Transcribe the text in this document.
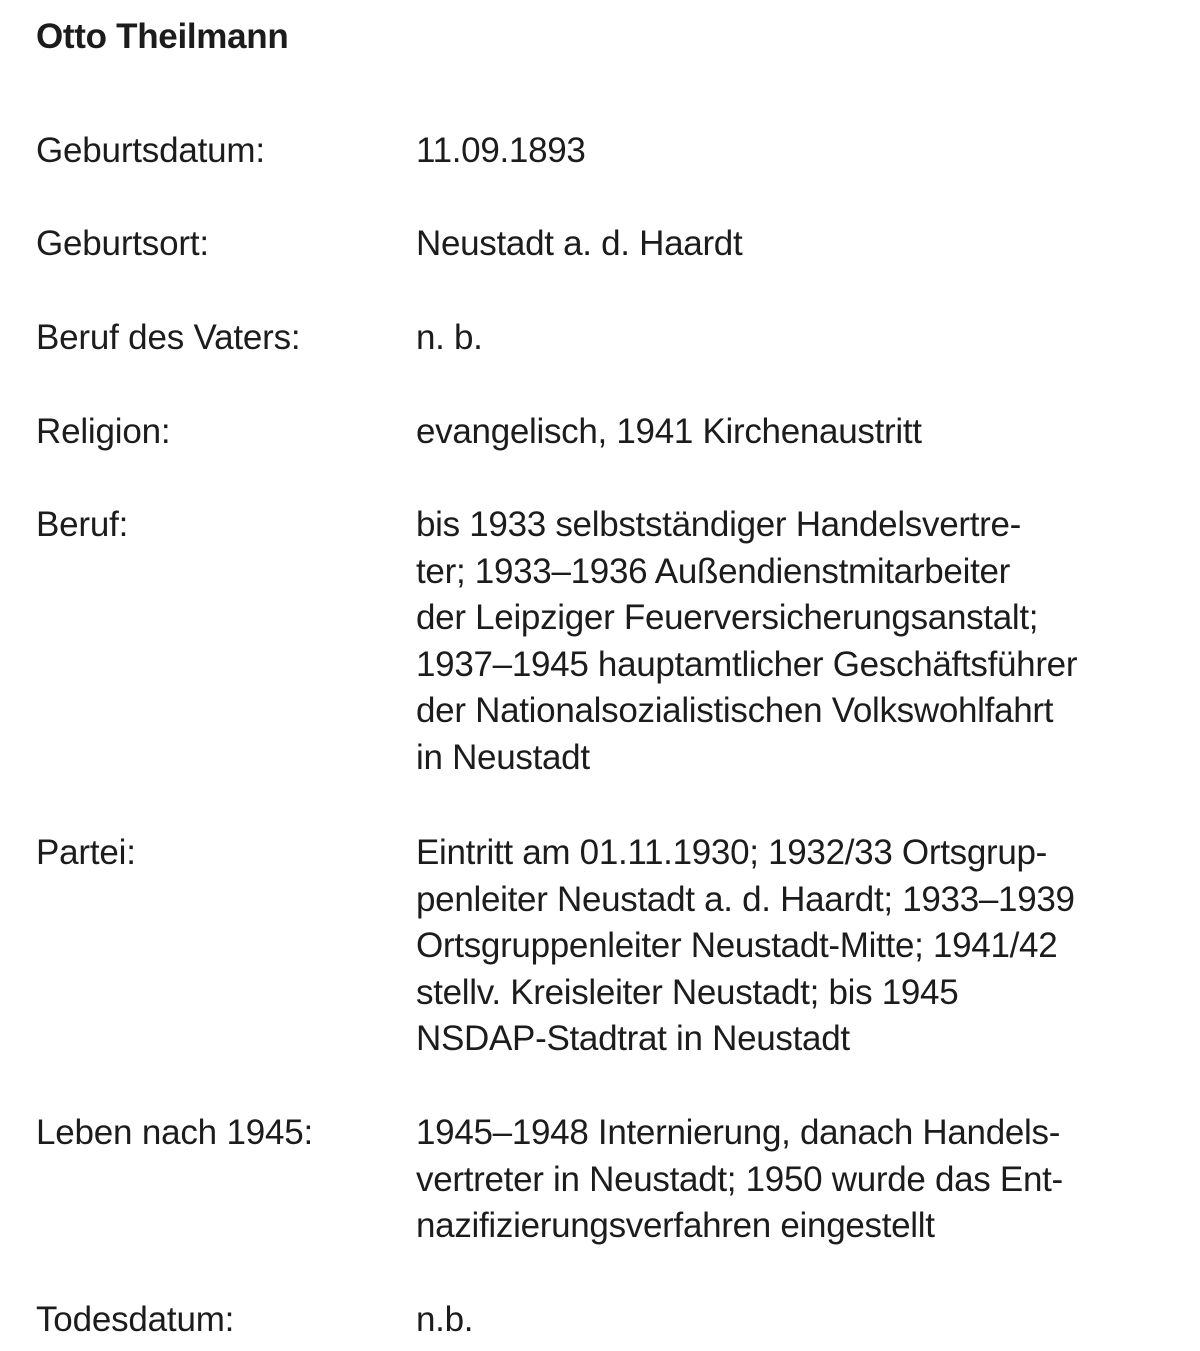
Otto Theilmann
Geburtsdatum:	11.09.1893
Geburtsort:	Neustadt a. d. Haardt
Beruf des Vaters:	n. b.
Religion:	evangelisch, 1941 Kirchenaustritt
Beruf:	bis 1933 selbstständiger Handelsvertre-
ter; 1933–1936 Außendienstmitarbeiter
der Leipziger Feuerversicherungsanstalt;
1937–1945 hauptamtlicher Geschäftsführer
der Nationalsozialistischen Volkswohlfahrt
in Neustadt
Partei:	Eintritt am 01.11.1930; 1932/33 Ortsgrup-
penleiter Neustadt a. d. Haardt; 1933–1939
Ortsgruppenleiter Neustadt-Mitte; 1941/42
stellv. Kreisleiter Neustadt; bis 1945
NSDAP-Stadtrat in Neustadt
Leben nach 1945:	1945–1948 Internierung, danach Handels-
vertreter in Neustadt; 1950 wurde das Ent-
nazifizierungsverfahren eingestellt
Todesdatum:	n.b.
